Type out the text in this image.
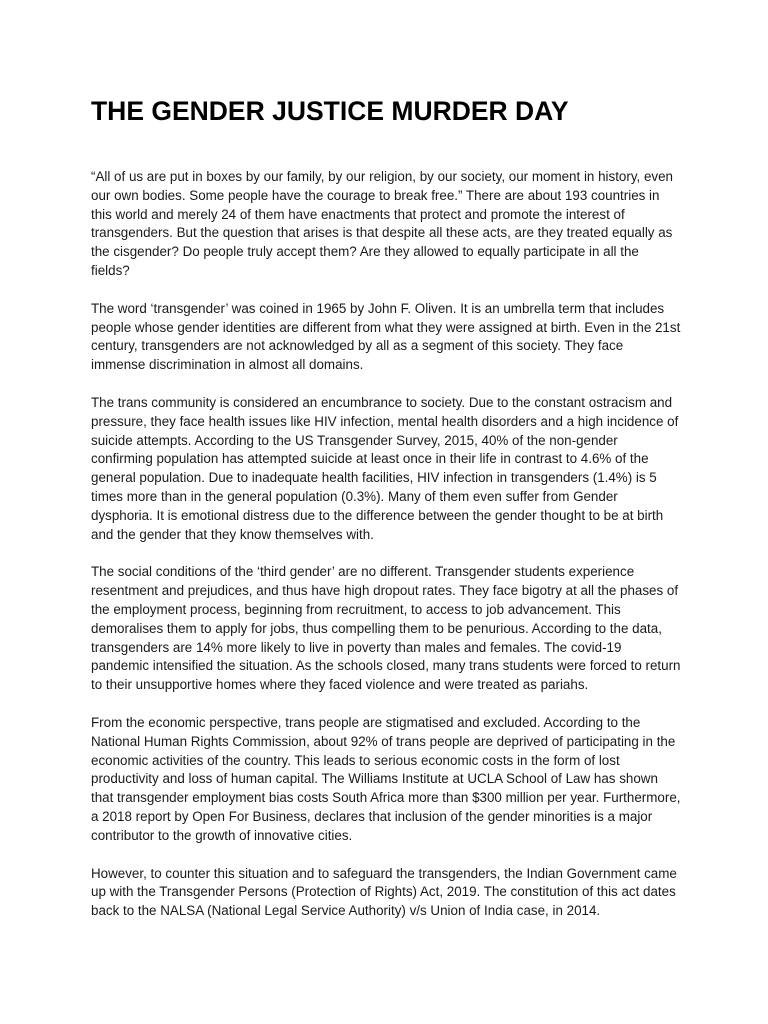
THE GENDER JUSTICE MURDER DAY

“All of us are put in boxes by our family, by our religion, by our society, our moment in history, even our own bodies. Some people have the courage to break free.” There are about 193 countries in this world and merely 24 of them have enactments that protect and promote the interest of transgenders. But the question that arises is that despite all these acts, are they treated equally as the cisgender? Do people truly accept them? Are they allowed to equally participate in all the fields?

The word ‘transgender’ was coined in 1965 by John F. Oliven. It is an umbrella term that includes people whose gender identities are different from what they were assigned at birth. Even in the 21st century, transgenders are not acknowledged by all as a segment of this society. They face immense discrimination in almost all domains.

The trans community is considered an encumbrance to society. Due to the constant ostracism and pressure, they face health issues like HIV infection, mental health disorders and a high incidence of suicide attempts. According to the US Transgender Survey, 2015, 40% of the non-gender confirming population has attempted suicide at least once in their life in contrast to 4.6% of the general population. Due to inadequate health facilities, HIV infection in transgenders (1.4%) is 5 times more than in the general population (0.3%). Many of them even suffer from Gender dysphoria. It is emotional distress due to the difference between the gender thought to be at birth and the gender that they know themselves with.

The social conditions of the ‘third gender’ are no different. Transgender students experience resentment and prejudices, and thus have high dropout rates. They face bigotry at all the phases of the employment process, beginning from recruitment, to access to job advancement. This demoralises them to apply for jobs, thus compelling them to be penurious. According to the data, transgenders are 14% more likely to live in poverty than males and females. The covid-19 pandemic intensified the situation. As the schools closed, many trans students were forced to return to their unsupportive homes where they faced violence and were treated as pariahs.

From the economic perspective, trans people are stigmatised and excluded. According to the National Human Rights Commission, about 92% of trans people are deprived of participating in the economic activities of the country. This leads to serious economic costs in the form of lost productivity and loss of human capital. The Williams Institute at UCLA School of Law has shown that transgender employment bias costs South Africa more than $300 million per year. Furthermore, a 2018 report by Open For Business, declares that inclusion of the gender minorities is a major contributor to the growth of innovative cities.

However, to counter this situation and to safeguard the transgenders, the Indian Government came up with the Transgender Persons (Protection of Rights) Act, 2019. The constitution of this act dates back to the NALSA (National Legal Service Authority) v/s Union of India case, in 2014.
